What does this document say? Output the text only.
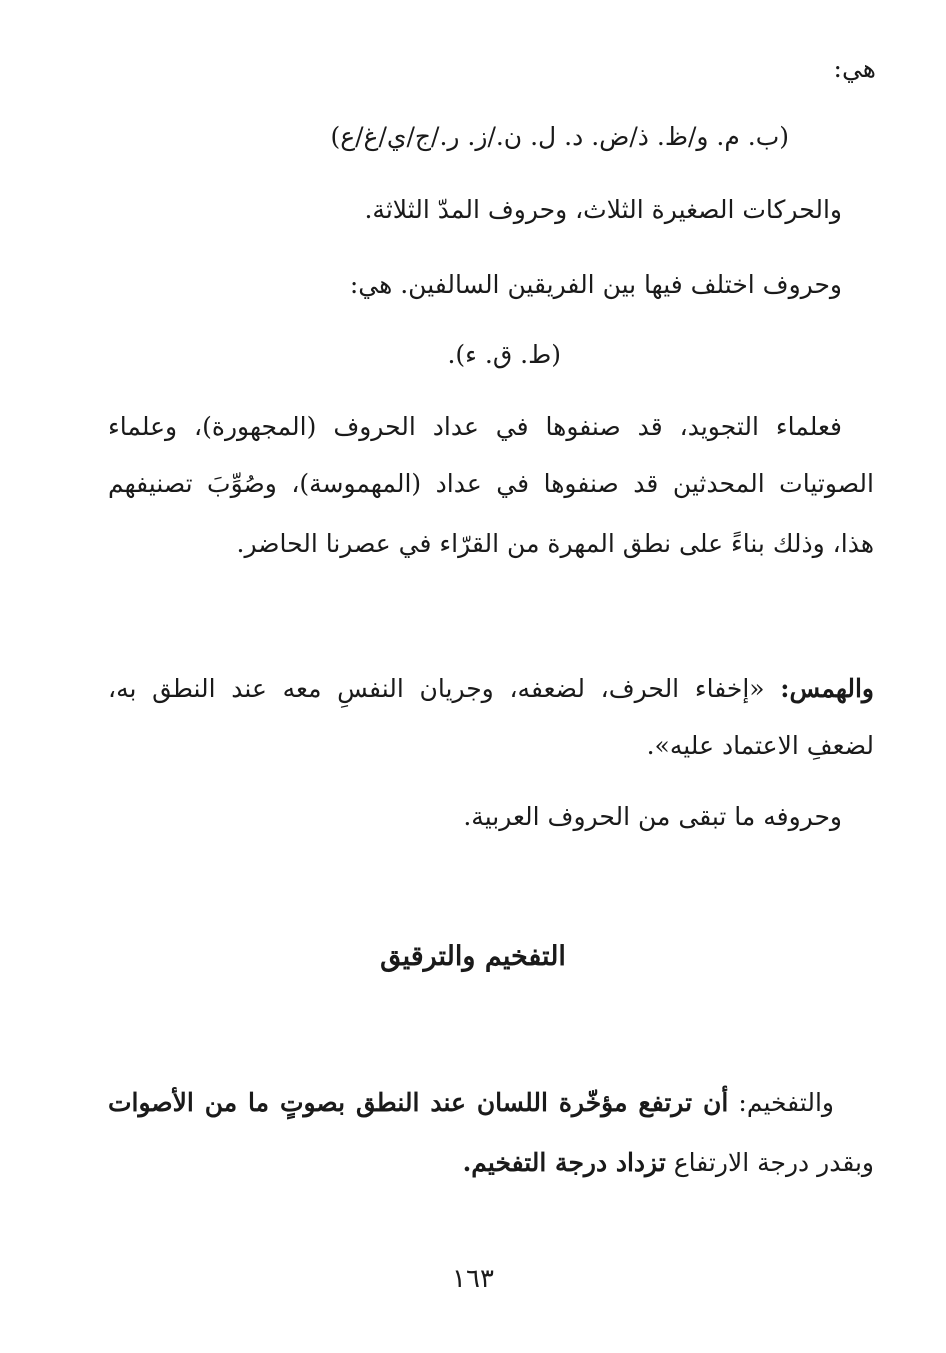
هي:
(ب. م. و/ظ. ذ/ض. د. ل. ن./ز. ر./ج/ي/غ/ع)
والحركات الصغيرة الثلاث، وحروف المدّ الثلاثة.
وحروف اختلف فيها بين الفريقين السالفين. هي:
(ط. ق. ء).
فعلماء التجويد، قد صنفوها في عداد الحروف (المجهورة)، وعلماء
الصوتيات المحدثين قد صنفوها في عداد (المهموسة)، وصُوِّبَ تصنيفهم
هذا، وذلك بناءً على نطق المهرة من القرّاء في عصرنا الحاضر.
والهمس: «إخفاء الحرف، لضعفه، وجريان النفسِ معه عند النطق به،
لضعفِ الاعتماد عليه».
وحروفه ما تبقى من الحروف العربية.
التفخيم والترقيق
والتفخيم: أن ترتفع مؤخّرة اللسان عند النطق بصوتٍ ما من الأصوات
وبقدر درجة الارتفاع تزداد درجة التفخيم.
١٦٣
